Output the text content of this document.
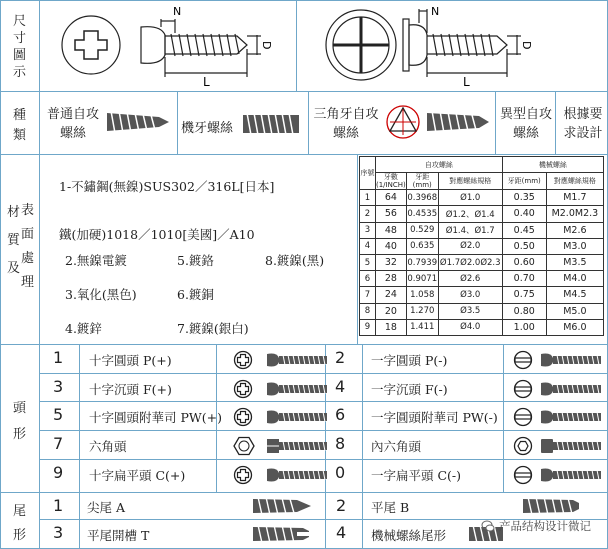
尺
寸
圖
示
種
類
材
質
及
表
面
處
理
頭
形
尾
形
N
D
L
N
D
L
普通自攻螺絲	機牙螺絲
三角牙自攻螺絲
異型自攻螺絲
根據要求設計
1-不鏽鋼(無鎳)SUS302／316L[日本]
鐵(加硬)1018／1010[美國]／A10
2.無鎳電鍍	5.鍍鉻	8.鍍鎳(黑)
3.氧化(黑色)	6.鍍銅
4.鍍鋅	7.鍍鎳(銀白)
序號	自攻螺絲			機械螺絲	
	牙數(1/INCH)	牙距(mm)	對應螺絲規格	牙距(mm)	對應螺絲規格
1	64	0.3968	Ø1.0	0.35	M1.7
2	56	0.4535	Ø1.2、Ø1.4	0.40	M2.0M2.3
3	48	0.529	Ø1.4、Ø1.7	0.45	M2.6
4	40	0.635	Ø2.0	0.50	M3.0
5	32	0.7939	Ø1.7Ø2.0Ø2.3	0.60	M3.5
6	28	0.9071	Ø2.6	0.70	M4.0
7	24	1.058	Ø3.0	0.75	M4.5
8	20	1.270	Ø3.5	0.80	M5.0
9	18	1.411	Ø4.0	1.00	M6.0
1 十字圓頭 P(+)	2 一字圓頭 P(-)
3 十字沉頭 F(+)	4 一字沉頭 F(-)
5 十字圓頭附華司 PW(+)	6 一字圓頭附華司 PW(-)
7 六角頭	8 內六角頭
9 十字扁平頭 C(+)	0 一字扁平頭 C(-)
1 尖尾 A	2 平尾 B
3 平尾開槽 T	4 機械螺絲尾形
产品结构设计微记
